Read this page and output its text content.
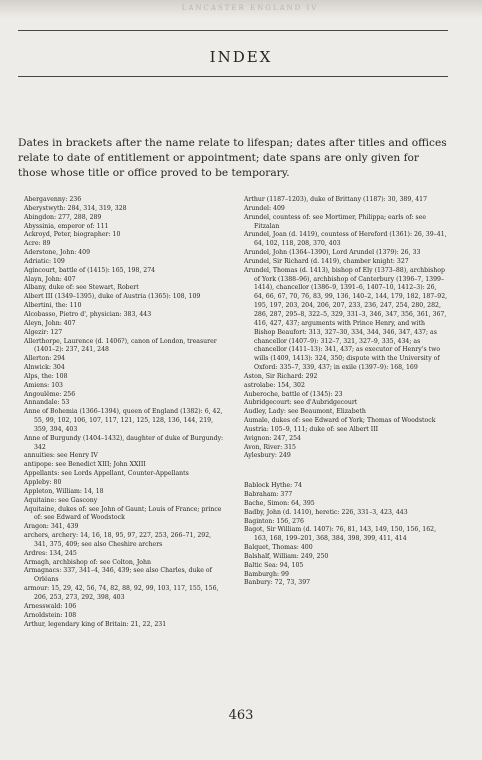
LANCASTER ENGLAND IV
INDEX
Dates in brackets after the name relate to lifespan; dates after titles and offices relate to date of entitlement or appointment; date spans are only given for those whose title or office proved to be temporary.

Abergavenny: 236

Aberystwyth: 284, 314, 319, 328

Abingdon: 277, 288, 289

Abyssinia, emperor of: 111

Ackroyd, Peter, biographer: 10

Acre: 89

Aderstone, John: 409

Adriatic: 109

Agincourt, battle of (1415): 165, 198, 274

Alayn, John: 407

Albany, duke of: see Stewart, Robert

Albert III (1349–1395), duke of Austria (1365): 108, 109

Albertini, the: 110

Alcobasso, Pietro d', physician: 383, 443

Aleyn, John: 407

Algezir: 127

Allerthorpe, Laurence (d. 1406?), canon of London, treasurer (1401–2): 237, 241, 248

Allerton: 294

Alnwick: 304

Alps, the: 108

Amiens: 103

Angoulême: 256

Annandale: 53

Anne of Bohemia (1366–1394), queen of England (1382): 6, 42, 55, 99, 102, 106, 107, 117, 121, 125, 128, 136, 144, 219, 359, 394, 403

Anne of Burgundy (1404–1432), daughter of duke of Burgundy: 342

annuities: see Henry IV

antipope: see Benedict XIII; John XXIII

Appellants: see Lords Appellant, Counter-Appellants

Appleby: 80

Appleton, William: 14, 18

Aquitaine: see Gascony

Aquitaine, dukes of: see John of Gaunt; Louis of France; prince of: see Edward of Woodstock

Aragon: 341, 439

archers, archery: 14, 16, 18, 95, 97, 227, 253, 266–71, 292, 341, 375, 409; see also Cheshire archers

Ardres: 134, 245

Armagh, archbishop of: see Colton, John

Armagnacs: 337, 341–4, 346, 439; see also Charles, duke of Orléans

armour: 15, 29, 42, 56, 74, 82, 88, 92, 99, 103, 117, 155, 156, 206, 253, 273, 292, 398, 403

Arnesswald: 106

Arnoldstein: 108

Arthur, legendary king of Britain: 21, 22, 231

Arthur (1187–1203), duke of Brittany (1187): 30, 389, 417

Arundel: 409

Arundel, countess of: see Mortimer, Philippa; earls of: see Fitzalan

Arundel, Joan (d. 1419), countess of Hereford (1361): 26, 39–41, 64, 102, 118, 208, 370, 403

Arundel, John (1364–1390), Lord Arundel (1379): 26, 33

Arundel, Sir Richard (d. 1419), chamber knight: 327

Arundel, Thomas (d. 1413), bishop of Ely (1373–88), archbishop of York (1388–96), archbishop of Canterbury (1396–7, 1399–1414), chancellor (1386–9, 1391–6, 1407–10, 1412–3): 26, 64, 66, 67, 70, 76, 83, 99, 136, 140–2, 144, 179, 182, 187–92, 195, 197, 203, 204, 206, 207, 233, 236, 247, 254, 280, 282, 286, 287, 295–8, 322–5, 329, 331–3, 346, 347, 356, 361, 367, 416, 427, 437; arguments with Prince Henry, and with Bishop Beaufort: 313, 327–30, 334, 344, 346, 347, 437; as chancellor (1407–9): 312–7, 321, 327–9, 335, 434; as chancellor (1411–13): 341, 437; as executor of Henry's two wills (1409, 1413): 324, 350; dispute with the University of Oxford: 335–7, 339, 437; in exile (1397–9): 168, 169

Aston, Sir Richard: 292

astrolabe: 154, 302

Auberoche, battle of (1345): 23

Aubridgecourt: see d'Aubridgecourt

Audley, Lady: see Beaumont, Elizabeth

Aumale, dukes of: see Edward of York; Thomas of Woodstock

Austria: 105–9, 111; duke of: see Albert III

Avignon: 247, 254

Avon, River: 315

Aylesbury: 249

Bablock Hythe: 74

Babraham: 377

Bache, Simon: 64, 395

Badby, John (d. 1410), heretic: 226, 331–3, 423, 443

Baginton: 156, 276

Bagot, Sir William (d. 1407): 76, 81, 143, 149, 150, 156, 162, 163, 168, 199–201, 368, 384, 398, 399, 411, 414

Balquet, Thomas: 400

Balshalf, William: 249, 250

Baltic Sea: 94, 105

Bamburgh: 99

Banbury: 72, 73, 397

463
